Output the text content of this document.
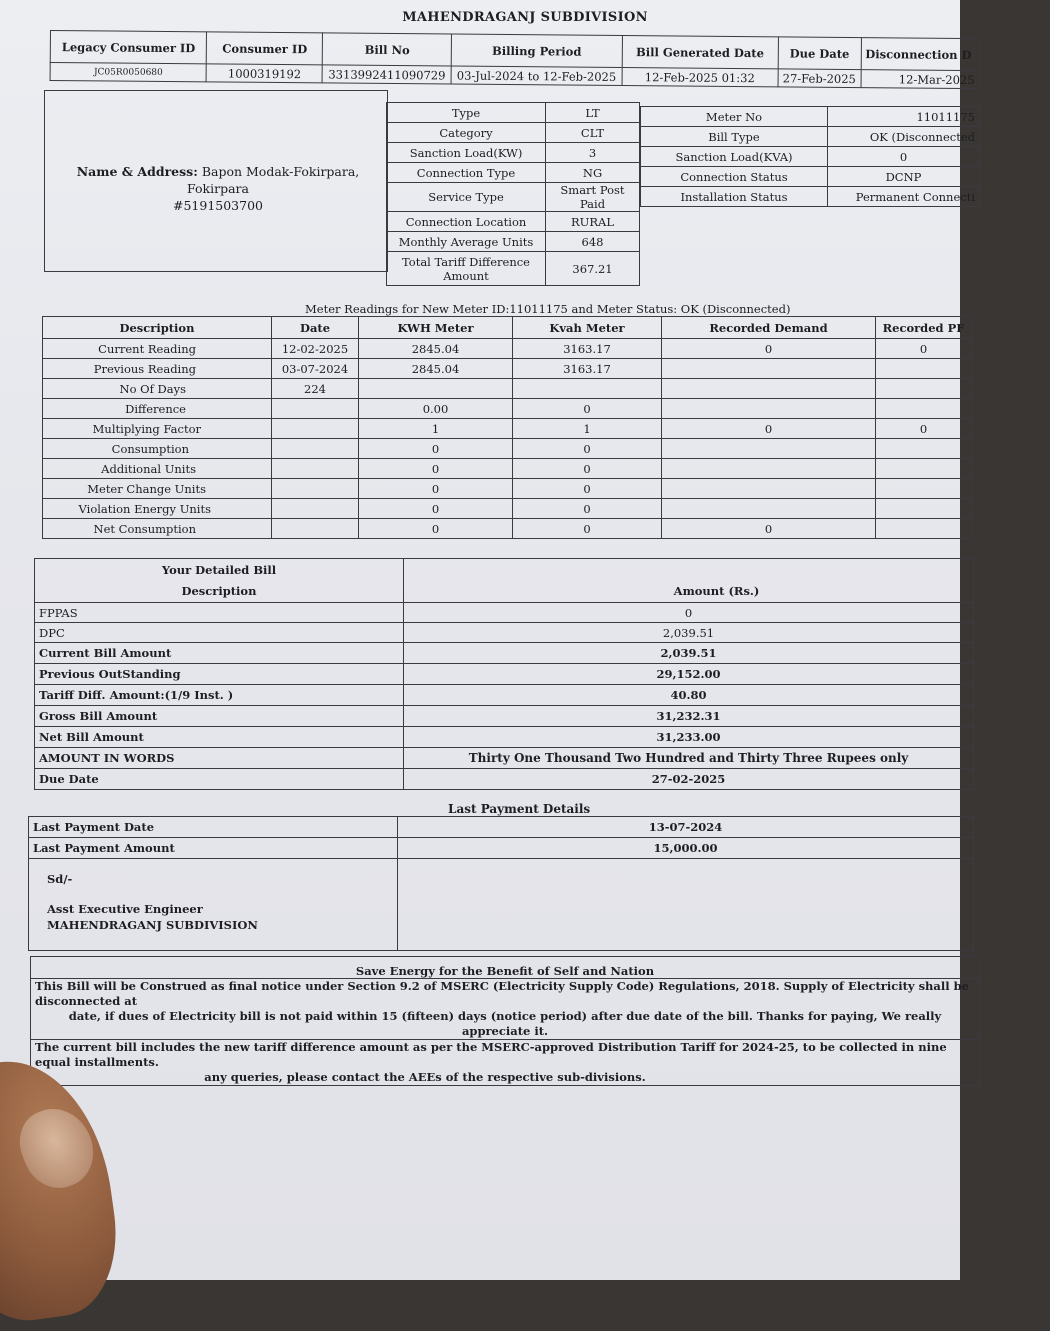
MAHENDRAGANJ SUBDIVISION
Legacy Consumer ID	Consumer ID	Bill No	Billing Period	Bill Generated Date	Due Date	Disconnection D
JC05R0050680	1000319192	3313992411090729	03-Jul-2024 to 12-Feb-2025	12-Feb-2025 01:32	27-Feb-2025	12-Mar-2025
Name & Address: Bapon Modak-Fokirpara, Fokirpara
#5191503700
Type	LT
Category	CLT
Sanction Load(KW)	3
Connection Type	NG
Service Type	Smart Post Paid
Connection Location	RURAL
Monthly Average Units	648
Total Tariff Difference Amount	367.21
Meter No	11011175
Bill Type	OK (Disconnected
Sanction Load(KVA)	0
Connection Status	DCNP
Installation Status	Permanent Connecti
Meter Readings for New Meter ID:11011175 and Meter Status: OK (Disconnected)
Description	Date	KWH Meter	Kvah Meter	Recorded Demand	Recorded PF
Current Reading	12-02-2025	2845.04	3163.17	0	0
Previous Reading	03-07-2024	2845.04	3163.17		
No Of Days	224				
Difference		0.00	0		
Multiplying Factor		1	1	0	0
Consumption		0	0		
Additional Units		0	0		
Meter Change Units		0	0		
Violation Energy Units		0	0		
Net Consumption		0	0	0	
Your Detailed Bill	
Description	Amount (Rs.)
FPPAS	0
DPC	2,039.51
Current Bill Amount	2,039.51
Previous OutStanding	29,152.00
Tariff Diff. Amount:(1/9 Inst. )	40.80
Gross Bill Amount	31,232.31
Net Bill Amount	31,233.00
AMOUNT IN WORDS	Thirty One Thousand Two Hundred and Thirty Three Rupees only
Due Date	27-02-2025
Last Payment Details
Last Payment Date	13-07-2024
Last Payment Amount	15,000.00

Sd/-
Asst Executive Engineer
MAHENDRAGANJ SUBDIVISION	

Save Energy for the Benefit of Self and Nation

This Bill will be Construed as final notice under Section 9.2 of MSERC (Electricity Supply Code) Regulations, 2018. Supply of Electricity shall be disconnected at
date, if dues of Electricity bill is not paid within 15 (fifteen) days (notice period) after due date of the bill. Thanks for paying, We really appreciate it.

The current bill includes the new tariff difference amount as per the MSERC-approved Distribution Tariff for 2024-25, to be collected in nine equal installments.
any queries, please contact the AEEs of the respective sub-divisions.
